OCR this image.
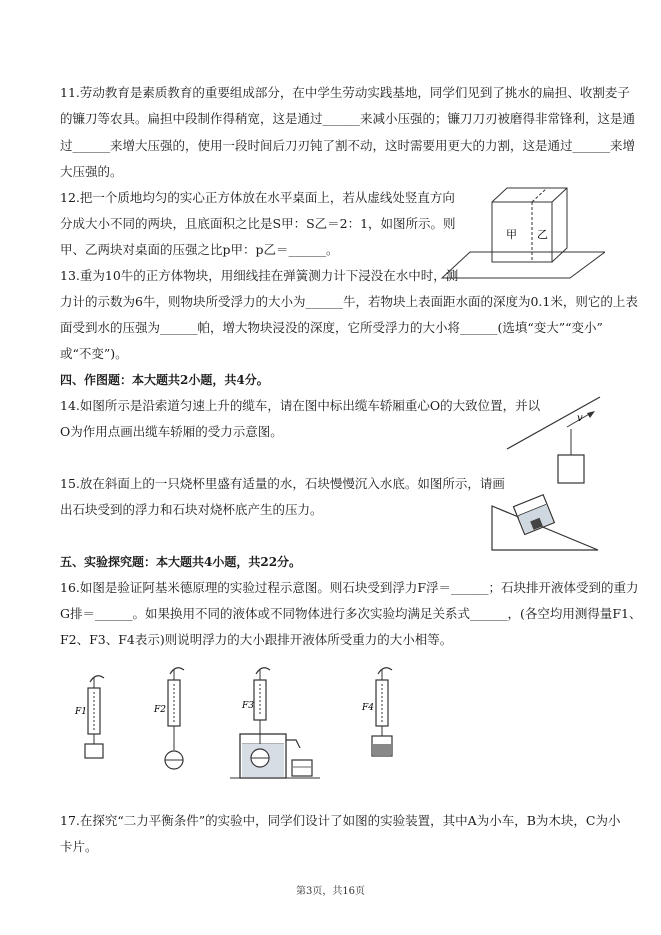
11.劳动教育是素质教育的重要组成部分，在中学生劳动实践基地，同学们见到了挑水的扁担、收割麦子
的镰刀等农具。扁担中段制作得稍宽，这是通过______来减小压强的；镰刀刀刃被磨得非常锋利，这是通
过______来增大压强的，使用一段时间后刀刃钝了割不动，这时需要用更大的力割，这是通过______来增
大压强的。
12.把一个质地均匀的实心正方体放在水平桌面上，若从虚线处竖直方向
分成大小不同的两块，且底面积之比是S甲：S乙＝2：1，如图所示。则
甲、乙两块对桌面的压强之比p甲：p乙＝______。
甲 乙
13.重为10牛的正方体物块，用细线挂在弹簧测力计下浸没在水中时，测
力计的示数为6牛，则物块所受浮力的大小为______牛，若物块上表面距水面的深度为0.1米，则它的上表
面受到水的压强为______帕，增大物块浸没的深度，它所受浮力的大小将______(选填“变大”“变小”
或“不变”)。
四、作图题：本大题共2小题，共4分。
14.如图所示是沿索道匀速上升的缆车，请在图中标出缆车轿厢重心O的大致位置，并以
O为作用点画出缆车轿厢的受力示意图。
v
15.放在斜面上的一只烧杯里盛有适量的水，石块慢慢沉入水底。如图所示，请画
出石块受到的浮力和石块对烧杯底产生的压力。
五、实验探究题：本大题共4小题，共22分。
16.如图是验证阿基米德原理的实验过程示意图。则石块受到浮力F浮＝______；石块排开液体受到的重力
G排＝______。如果换用不同的液体或不同物体进行多次实验均满足关系式______，(各空均用测得量F1、
F2、F3、F4表示)则说明浮力的大小跟排开液体所受重力的大小相等。
F1	F2	F3	F4
17.在探究“二力平衡条件”的实验中，同学们设计了如图的实验装置，其中A为小车，B为木块，C为小
卡片。
第3页，共16页
